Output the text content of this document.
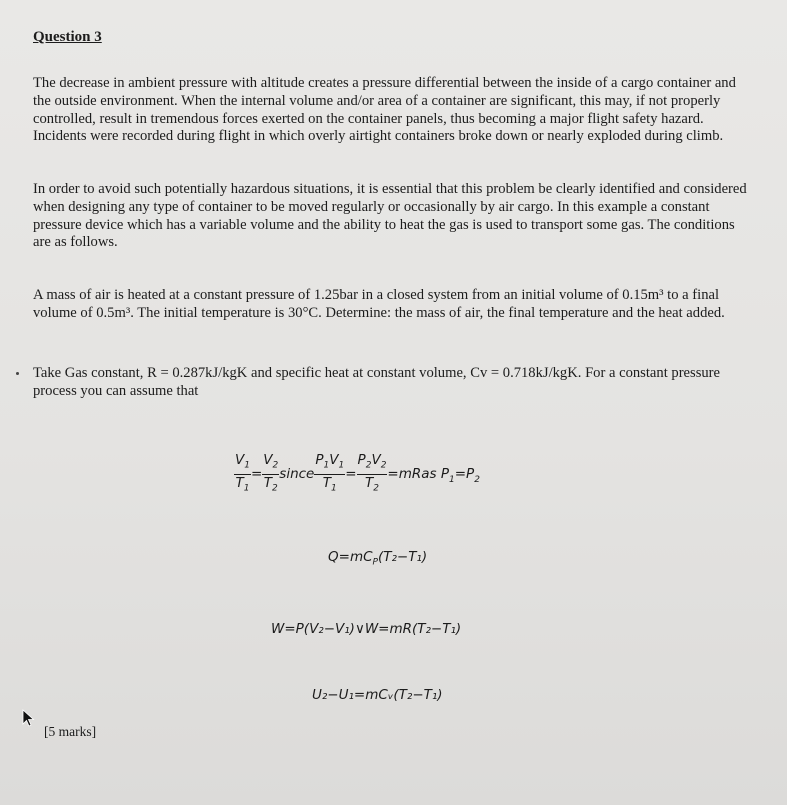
Question 3

The decrease in ambient pressure with altitude creates a pressure differential between the inside of a cargo container and the outside environment. When the internal volume and/or area of a container are significant, this may, if not properly controlled, result in tremendous forces exerted on the container panels, thus becoming a major flight safety hazard. Incidents were recorded during flight in which overly airtight containers broke down or nearly exploded during climb.

In order to avoid such potentially hazardous situations, it is essential that this problem be clearly identified and considered when designing any type of container to be moved regularly or occasionally by air cargo. In this example a constant pressure device which has a variable volume and the ability to heat the gas is used to transport some gas. The conditions are as follows.

A mass of air is heated at a constant pressure of 1.25bar in a closed system from an initial volume of 0.15m³ to a final volume of 0.5m³. The initial temperature is 30°C. Determine: the mass of air, the final temperature and the heat added.

Take Gas constant, R = 0.287kJ/kgK and specific heat at constant volume, Cv = 0.718kJ/kgK. For a constant pressure process you can assume that

$\frac{V_1}{T_1} = \frac{V_2}{T_2}$ since $\frac{P_1V_1}{T_1} = \frac{P_2V_2}{T_2}$ =mRas $P_1=P_2$
$Q=mC_P(T_2-T_1)$
W=P(V₂−V₁)∨W=mR(T₂−T₁)
U₂−U₁=mCᵥ(T₂−T₁)
[5 marks]
